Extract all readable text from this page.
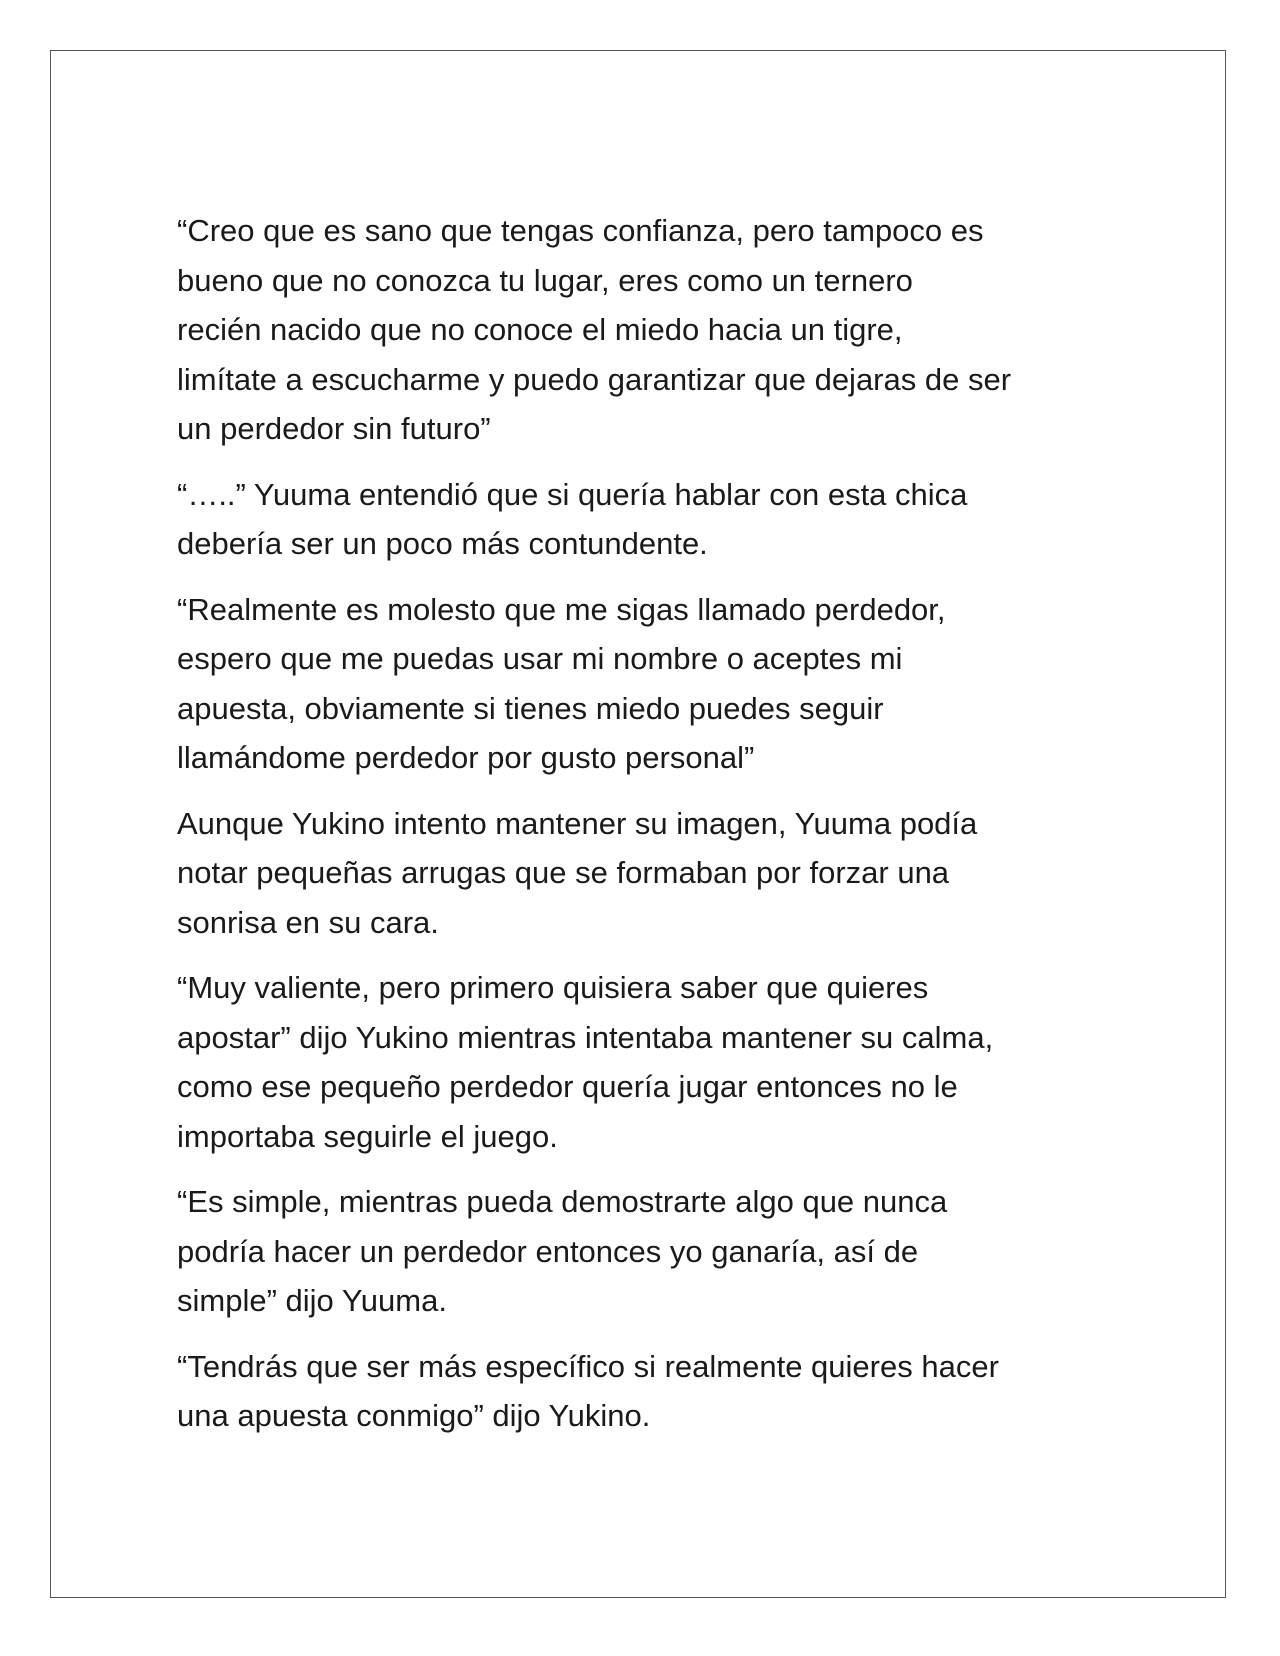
“Creo que es sano que tengas confianza, pero tampoco es
bueno que no conozca tu lugar, eres como un ternero
recién nacido que no conoce el miedo hacia un tigre,
limítate a escucharme y puedo garantizar que dejaras de ser
un perdedor sin futuro”

“…..” Yuuma entendió que si quería hablar con esta chica
debería ser un poco más contundente.

“Realmente es molesto que me sigas llamado perdedor,
espero que me puedas usar mi nombre o aceptes mi
apuesta, obviamente si tienes miedo puedes seguir
llamándome perdedor por gusto personal”

Aunque Yukino intento mantener su imagen, Yuuma podía
notar pequeñas arrugas que se formaban por forzar una
sonrisa en su cara.

“Muy valiente, pero primero quisiera saber que quieres
apostar” dijo Yukino mientras intentaba mantener su calma,
como ese pequeño perdedor quería jugar entonces no le
importaba seguirle el juego.

“Es simple, mientras pueda demostrarte algo que nunca
podría hacer un perdedor entonces yo ganaría, así de
simple” dijo Yuuma.

“Tendrás que ser más específico si realmente quieres hacer
una apuesta conmigo” dijo Yukino.
